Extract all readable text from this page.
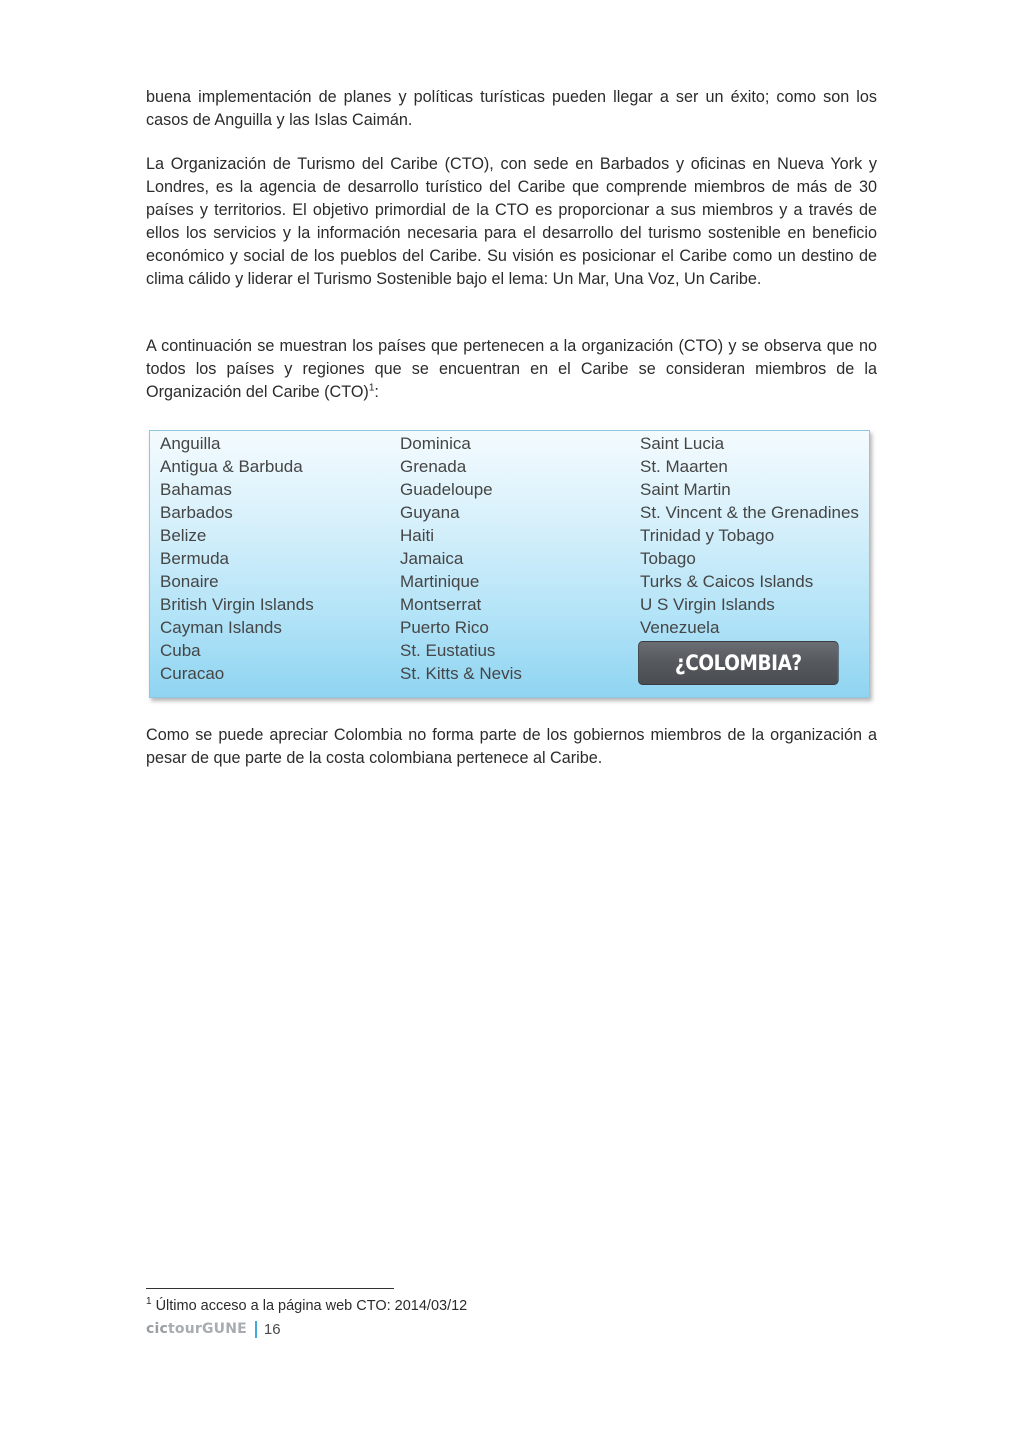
buena implementación de planes y políticas turísticas pueden llegar a ser un éxito; como son los casos de Anguilla y las Islas Caimán.

La Organización de Turismo del Caribe (CTO), con sede en Barbados y oficinas en Nueva York y Londres, es la agencia de desarrollo turístico del Caribe que comprende miembros de más de 30 países y territorios. El objetivo primordial de la CTO es proporcionar a sus miembros y a través de ellos los servicios y la información necesaria para el desarrollo del turismo sostenible en beneficio económico y social de los pueblos del Caribe. Su visión es posicionar el Caribe como un destino de clima cálido y liderar el Turismo Sostenible bajo el lema: Un Mar, Una Voz, Un Caribe.

A continuación se muestran los países que pertenecen a la organización (CTO) y se observa que no todos los países y regiones que se encuentran en el Caribe se consideran miembros de la Organización del Caribe (CTO)$^1$:

Anguilla
Antigua & Barbuda
Bahamas
Barbados
Belize
Bermuda
Bonaire
British Virgin Islands
Cayman Islands
Cuba
Curacao
Dominica
Grenada
Guadeloupe
Guyana
Haiti
Jamaica
Martinique
Montserrat
Puerto Rico
St. Eustatius
St. Kitts & Nevis
Saint Lucia
St. Maarten
Saint Martin
St. Vincent & the Grenadines
Trinidad y Tobago
Tobago
Turks & Caicos Islands
U S Virgin Islands
Venezuela
¿COLOMBIA?

Como se puede apreciar Colombia no forma parte de los gobiernos miembros de la organización a pesar de que parte de la costa colombiana pertenece al Caribe.

$^1$ Último acceso a la página web CTO: 2014/03/12
cictourGUNE 16
